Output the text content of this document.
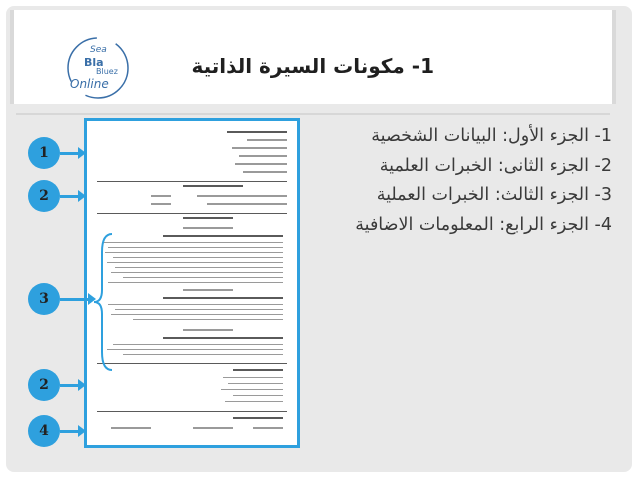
Sea
Bla
Bluez
Online
1- مكونات السيرة الذاتية
1
2
3
2
4
1- الجزء الأول: البيانات الشخصية
2- الجزء الثانى: الخبرات العلمية
3- الجزء الثالث: الخبرات العملية
4- الجزء الرابع: المعلومات الاضافية
